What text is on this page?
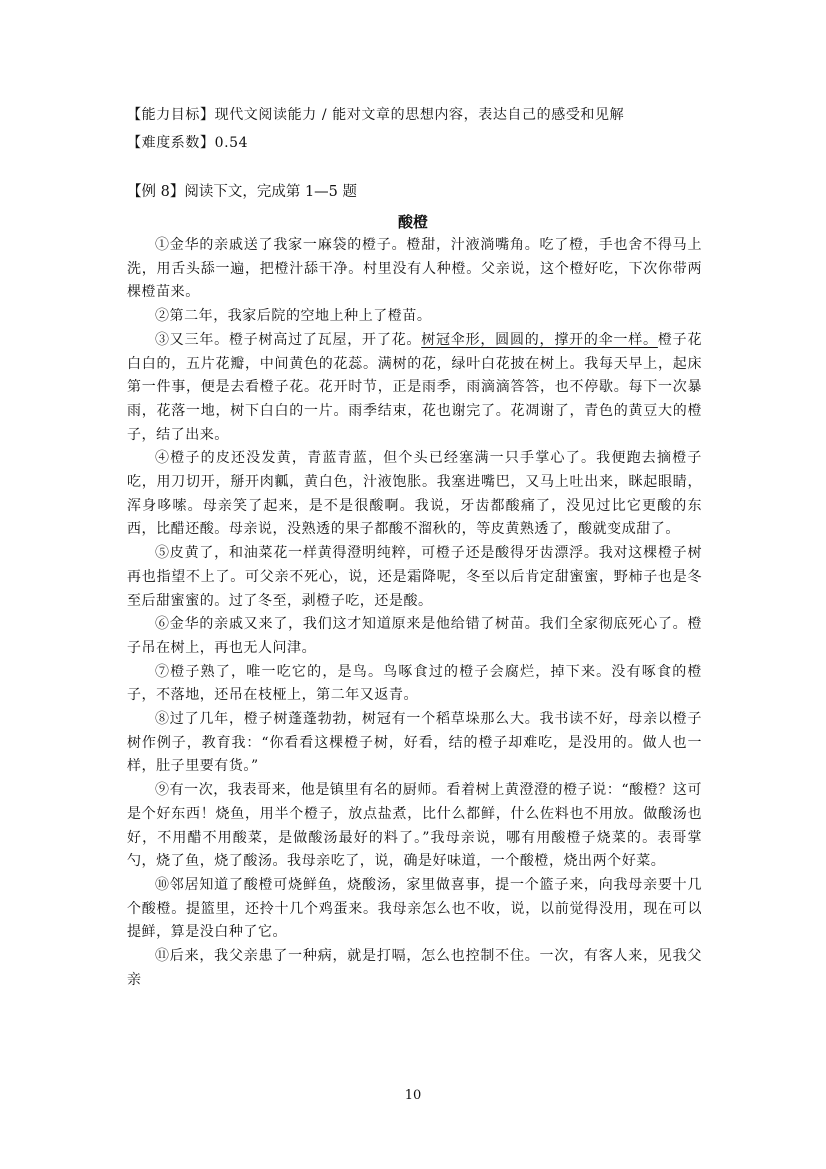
【能力目标】现代文阅读能力 / 能对文章的思想内容，表达自己的感受和见解
【难度系数】0.54
【例 8】阅读下文，完成第 1—5 题
酸橙

①金华的亲戚送了我家一麻袋的橙子。橙甜，汁液淌嘴角。吃了橙，手也舍不得马上洗，用舌头舔一遍，把橙汁舔干净。村里没有人种橙。父亲说，这个橙好吃，下次你带两棵橙苗来。

②第二年，我家后院的空地上种上了橙苗。

③又三年。橙子树高过了瓦屋，开了花。树冠伞形，圆圆的，撑开的伞一样。橙子花白白的，五片花瓣，中间黄色的花蕊。满树的花，绿叶白花披在树上。我每天早上，起床第一件事，便是去看橙子花。花开时节，正是雨季，雨滴滴答答，也不停歇。每下一次暴雨，花落一地，树下白白的一片。雨季结束，花也谢完了。花凋谢了，青色的黄豆大的橙子，结了出来。

④橙子的皮还没发黄，青蓝青蓝，但个头已经塞满一只手掌心了。我便跑去摘橙子吃，用刀切开，掰开肉瓤，黄白色，汁液饱胀。我塞进嘴巴，又马上吐出来，眯起眼睛，浑身哆嗦。母亲笑了起来，是不是很酸啊。我说，牙齿都酸痛了，没见过比它更酸的东西，比醋还酸。母亲说，没熟透的果子都酸不溜秋的，等皮黄熟透了，酸就变成甜了。

⑤皮黄了，和油菜花一样黄得澄明纯粹，可橙子还是酸得牙齿漂浮。我对这棵橙子树再也指望不上了。可父亲不死心，说，还是霜降呢，冬至以后肯定甜蜜蜜，野柿子也是冬至后甜蜜蜜的。过了冬至，剥橙子吃，还是酸。

⑥金华的亲戚又来了，我们这才知道原来是他给错了树苗。我们全家彻底死心了。橙子吊在树上，再也无人问津。

⑦橙子熟了，唯一吃它的，是鸟。鸟啄食过的橙子会腐烂，掉下来。没有啄食的橙子，不落地，还吊在枝桠上，第二年又返青。

⑧过了几年，橙子树蓬蓬勃勃，树冠有一个稻草垛那么大。我书读不好，母亲以橙子树作例子，教育我：“你看看这棵橙子树，好看，结的橙子却难吃，是没用的。做人也一样，肚子里要有货。”

⑨有一次，我表哥来，他是镇里有名的厨师。看着树上黄澄澄的橙子说：“酸橙？这可是个好东西！烧鱼，用半个橙子，放点盐煮，比什么都鲜，什么佐料也不用放。做酸汤也好，不用醋不用酸菜，是做酸汤最好的料了。”我母亲说，哪有用酸橙子烧菜的。表哥掌勺，烧了鱼，烧了酸汤。我母亲吃了，说，确是好味道，一个酸橙，烧出两个好菜。

⑩邻居知道了酸橙可烧鲜鱼，烧酸汤，家里做喜事，提一个篮子来，向我母亲要十几个酸橙。提篮里，还拎十几个鸡蛋来。我母亲怎么也不收，说，以前觉得没用，现在可以提鲜，算是没白种了它。

⑪后来，我父亲患了一种病，就是打嗝，怎么也控制不住。一次，有客人来，见我父亲

10
